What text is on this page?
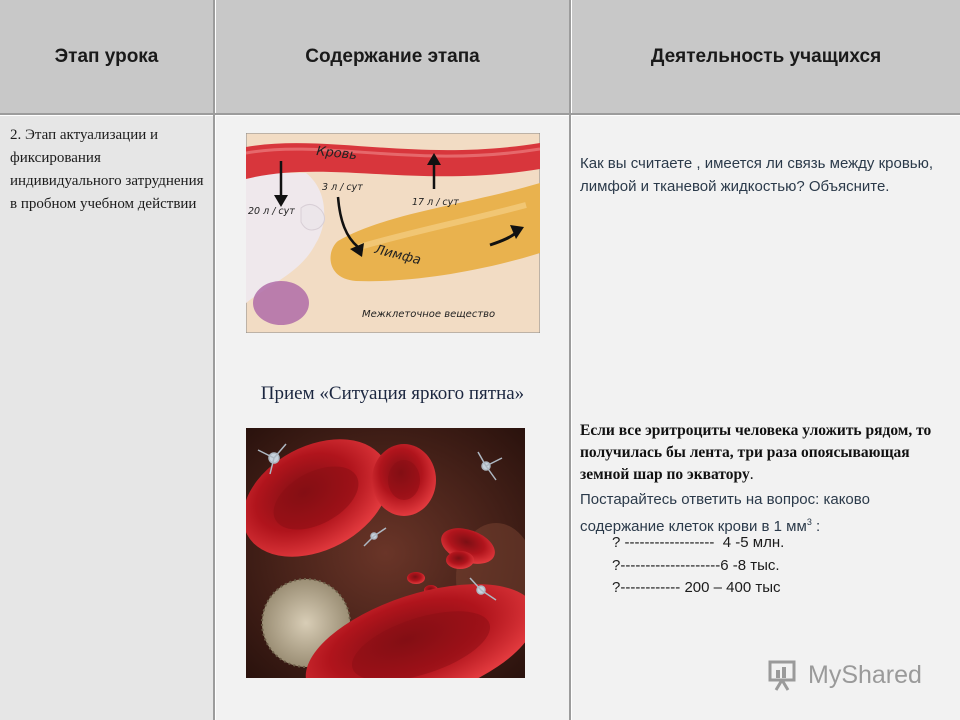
Этап урока	Содержание этапа	Деятельность учащихся
2. Этап актуализации и фиксирования индивидуального затруднения в пробном учебном действии
Кровь
20 л / сут
3 л / сут
17 л / сут
Лимфа
Межклеточное вещество
Прием «Ситуация яркого пятна»
Как вы считаете , имеется ли связь между кровью, лимфой и тканевой жидкостью? Объясните.
Если все эритроциты человека уложить рядом, то получилась бы лента, три раза опоясывающая земной шар по экватору.
Постарайтесь ответить на вопрос: каково содержание клеток крови в 1 $мм^3$ :
? ------------------  4 -5 млн.
?--------------------6 -8 тыс.
?------------ 200 – 400 тыс
MyShared
